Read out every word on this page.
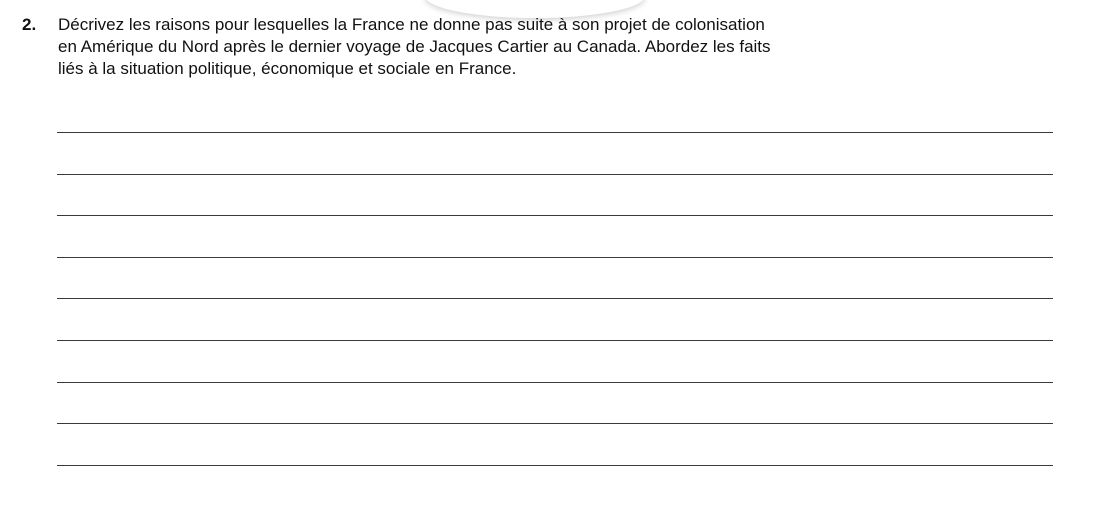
2. Décrivez les raisons pour lesquelles la France ne donne pas suite à son projet de colonisation
en Amérique du Nord après le dernier voyage de Jacques Cartier au Canada. Abordez les faits
liés à la situation politique, économique et sociale en France.
